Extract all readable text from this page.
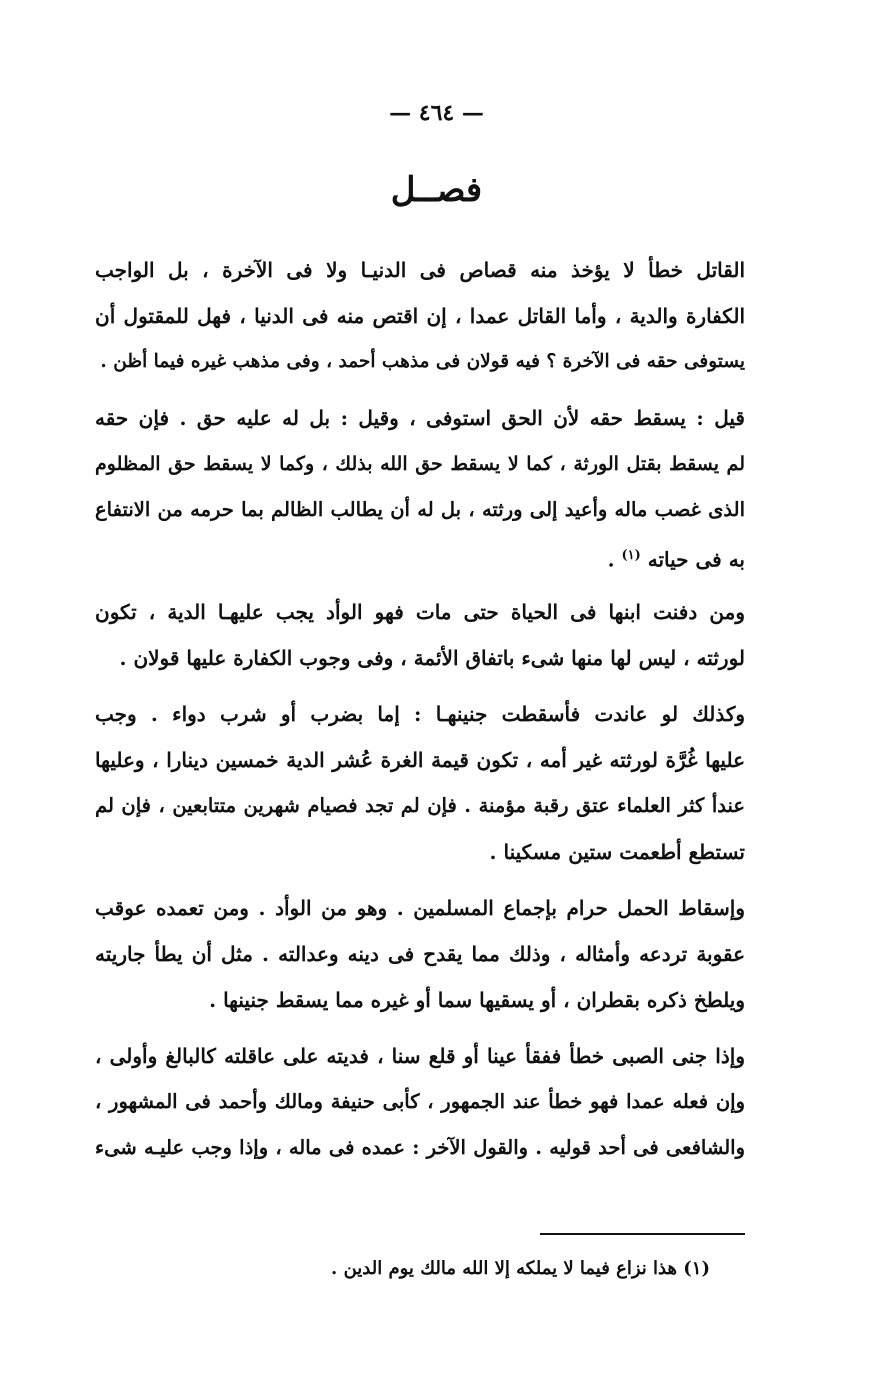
— ٤٦٤ —
فصــل
القاتل خطأ لا يؤخذ منه قصاص فى الدنيـا ولا فى الآخرة ، بل الواجب
الكفارة والدية ، وأما القاتل عمدا ، إن اقتص منه فى الدنيا ، فهل للمقتول أن
يستوفى حقه فى الآخرة ؟ فيه قولان فى مذهب أحمد ، وفى مذهب غيره فيما أظن .
قيل : يسقط حقه لأن الحق استوفى ، وقيل : بل له عليه حق . فإن حقه
لم يسقط بقتل الورثة ، كما لا يسقط حق الله بذلك ، وكما لا يسقط حق المظلوم
الذى غصب ماله وأعيد إلى ورثته ، بل له أن يطالب الظالم بما حرمه من الانتفاع
به فى حياته $^{(١)}$ .
ومن دفنت ابنها فى الحياة حتى مات فهو الوأد يجب عليهـا الدية ، تكون
لورثته ، ليس لها منها شىء باتفاق الأئمة ، وفى وجوب الكفارة عليها قولان .
وكذلك لو عاندت فأسقطت جنينهـا : إما بضرب أو شرب دواء . وجب
عليها غُرَّة لورثته غير أمه ، تكون قيمة الغرة عُشر الدية خمسين دينارا ، وعليها
عندأ كثر العلماء عتق رقبة مؤمنة . فإن لم تجد فصيام شهرين متتابعين ، فإن لم
تستطع أطعمت ستين مسكينا .
وإسقاط الحمل حرام بإجماع المسلمين . وهو من الوأد . ومن تعمده عوقب
عقوبة تردعه وأمثاله ، وذلك مما يقدح فى دينه وعدالته . مثل أن يطأ جاريته
ويلطخ ذكره بقطران ، أو يسقيها سما أو غيره مما يسقط جنينها .
وإذا جنى الصبى خطأ ففقأ عينا أو قلع سنا ، فديته على عاقلته كالبالغ وأولى ،
وإن فعله عمدا فهو خطأ عند الجمهور ، كأبى حنيفة ومالك وأحمد فى المشهور ،
والشافعى فى أحد قوليه . والقول الآخر : عمده فى ماله ، وإذا وجب عليـه شىء
(١) هذا نزاع فيما لا يملكه إلا الله مالك يوم الدين .
